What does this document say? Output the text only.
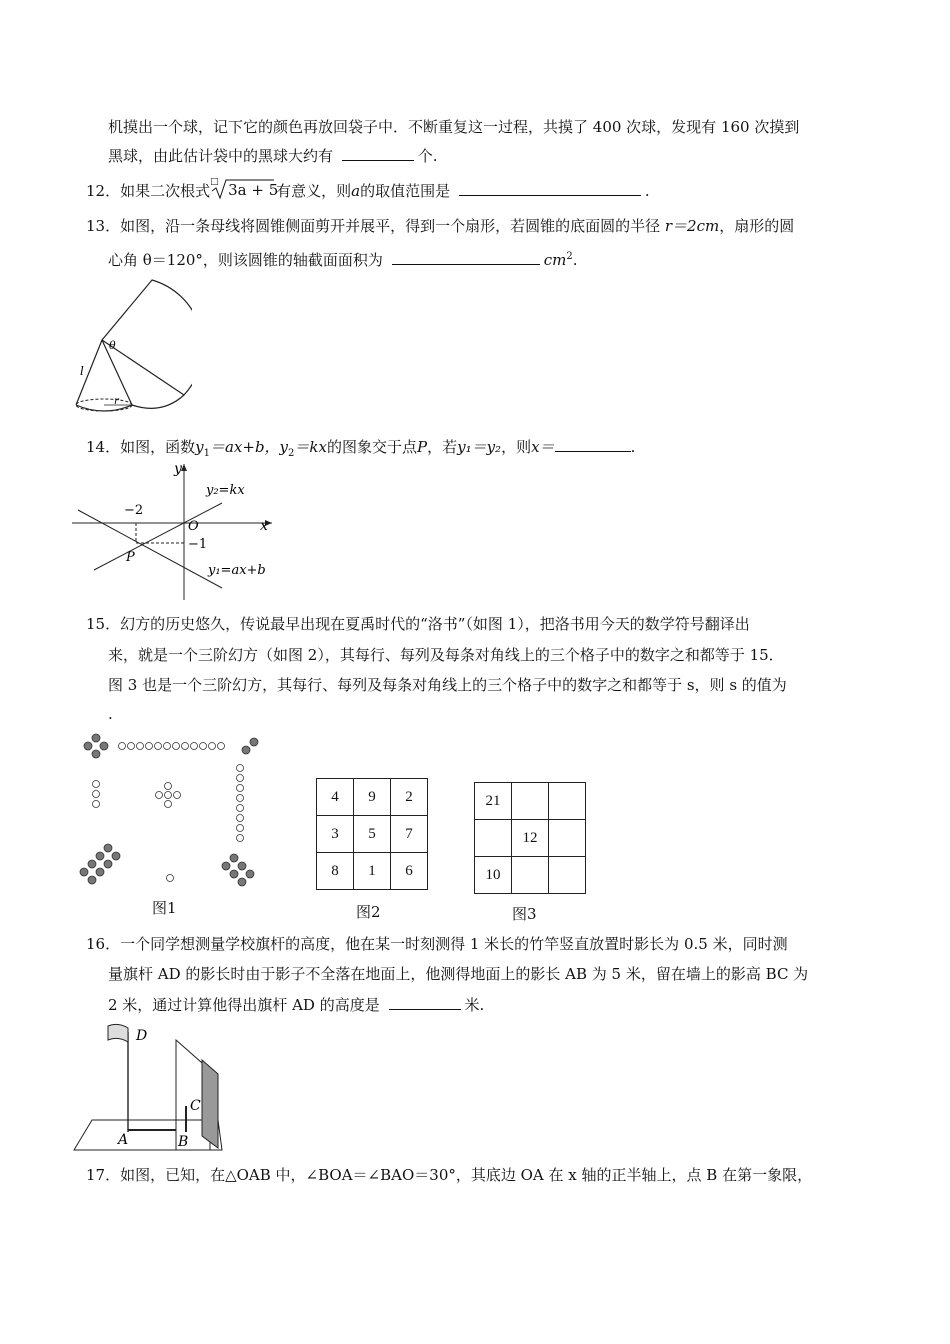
机摸出一个球，记下它的颜色再放回袋子中．不断重复这一过程，共摸了 400 次球，发现有 160 次摸到
黑球，由此估计袋中的黑球大约有	个.
12．如果二次根式 □ 3a + 5
有意义，则a的取值范围是	.
13．如图，沿一条母线将圆锥侧面剪开并展平，得到一个扇形，若圆锥的底面圆的半径 r＝2cm，扇形的圆
心角 θ＝120°，则该圆锥的轴截面面积为	$cm^2$.
θ
l
r
14．如图，函数$y_1=ax+b$，$y_2=kx$的图象交于点P，若y₁＝y₂，则x＝	.
y
x
O
−2
−1
P
y₂=kx
y₁=ax+b
15．幻方的历史悠久，传说最早出现在夏禹时代的“洛书”（如图 1），把洛书用今天的数学符号翻译出
来，就是一个三阶幻方（如图 2），其每行、每列及每条对角线上的三个格子中的数字之和都等于 15．
图 3 也是一个三阶幻方，其每行、每列及每条对角线上的三个格子中的数字之和都等于 s，则 s 的值为
.
图1
4	9	2
3	5	7
8	1	6
图2
21		
	12	
10		
图3
16．一个同学想测量学校旗杆的高度，他在某一时刻测得 1 米长的竹竿竖直放置时影长为 0.5 米，同时测
量旗杆 AD 的影长时由于影子不全落在地面上，他测得地面上的影长 AB 为 5 米，留在墙上的影高 BC 为
2 米，通过计算他得出旗杆 AD 的高度是	米.
D
C
A	B
17．如图，已知，在△OAB 中，∠BOA＝∠BAO＝30°，其底边 OA 在 x 轴的正半轴上，点 B 在第一象限，
